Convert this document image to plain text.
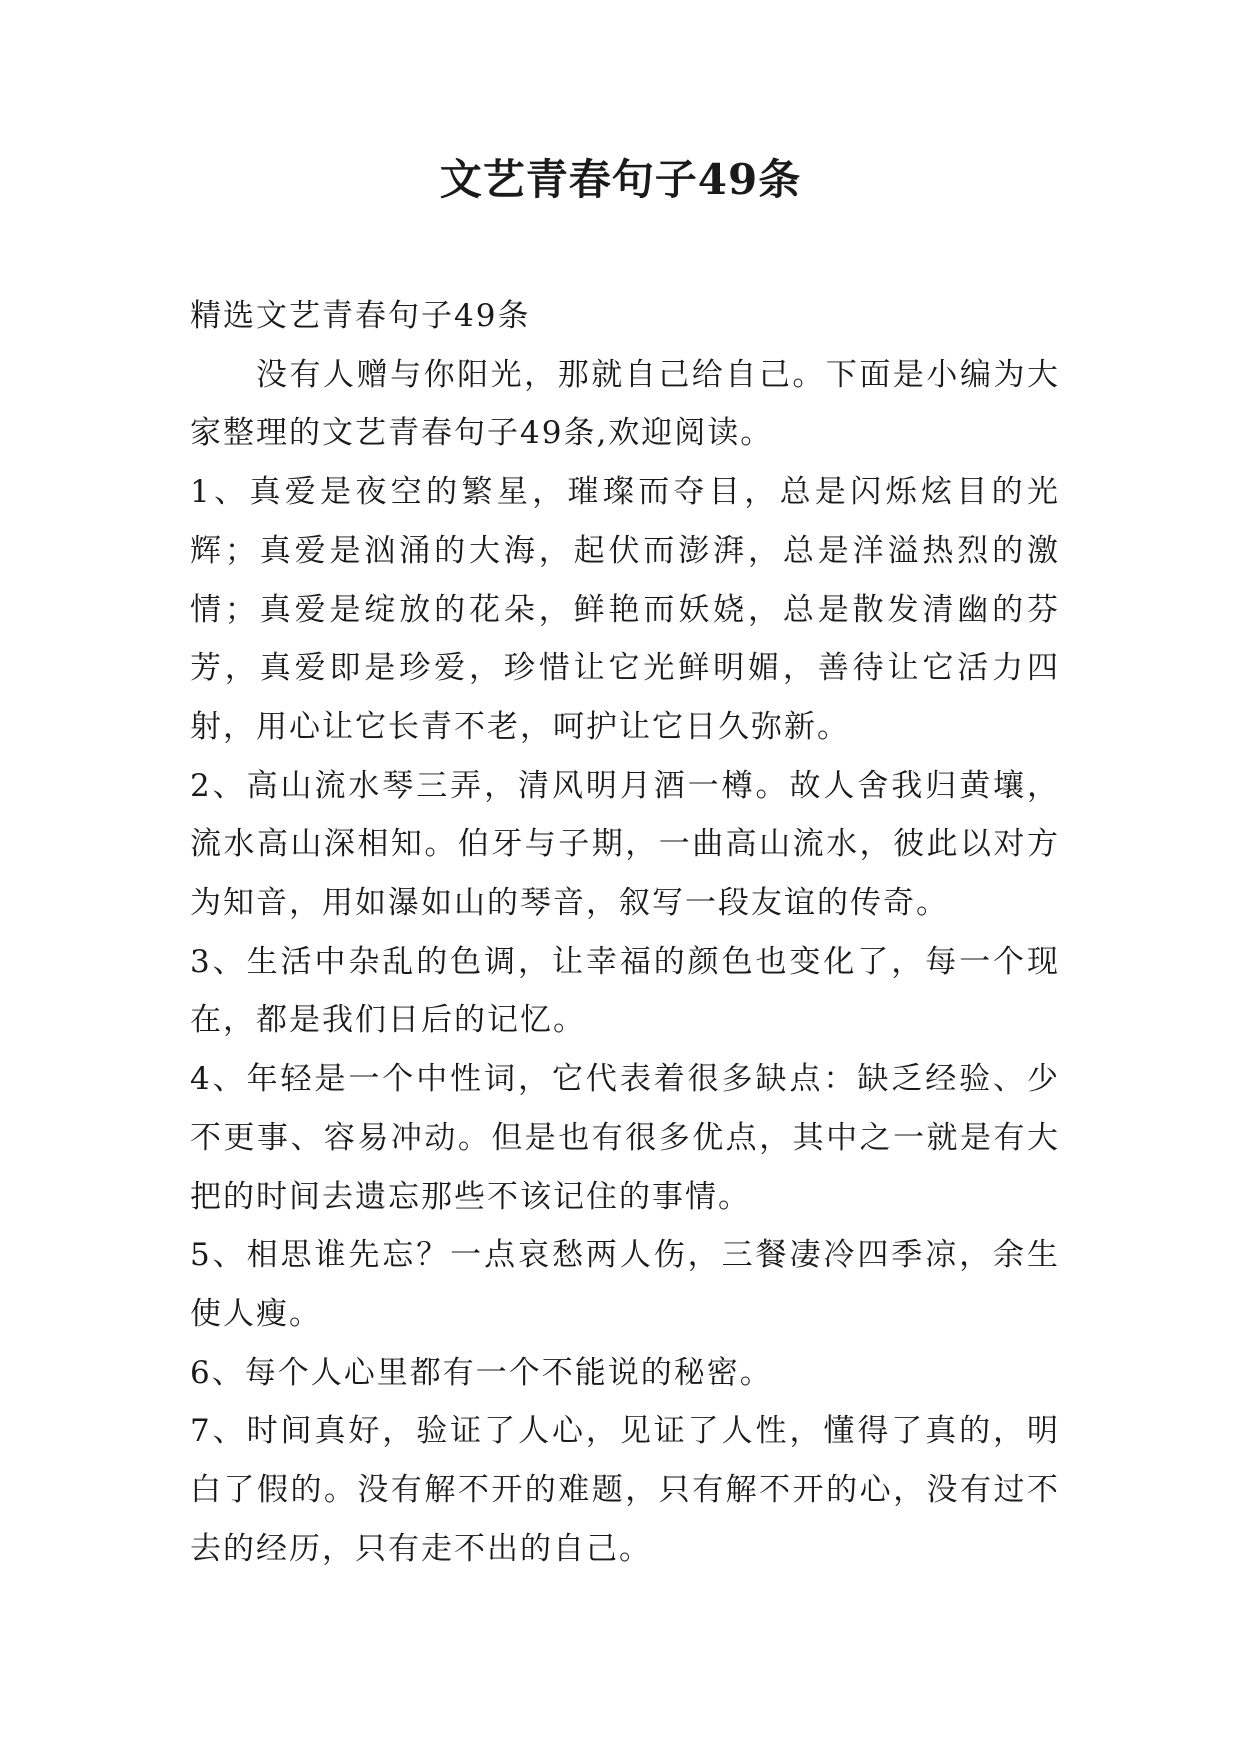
文艺青春句子49条

精选文艺青春句子49条

没有人赠与你阳光，那就自己给自己。下面是小编为大家整理的文艺青春句子49条,欢迎阅读。

1、真爱是夜空的繁星，璀璨而夺目，总是闪烁炫目的光辉；真爱是汹涌的大海，起伏而澎湃，总是洋溢热烈的激情；真爱是绽放的花朵，鲜艳而妖娆，总是散发清幽的芬芳，真爱即是珍爱，珍惜让它光鲜明媚，善待让它活力四射，用心让它长青不老，呵护让它日久弥新。

2、高山流水琴三弄，清风明月酒一樽。故人舍我归黄壤，流水高山深相知。伯牙与子期，一曲高山流水，彼此以对方为知音，用如瀑如山的琴音，叙写一段友谊的传奇。

3、生活中杂乱的色调，让幸福的颜色也变化了，每一个现在，都是我们日后的记忆。

4、年轻是一个中性词，它代表着很多缺点：缺乏经验、少不更事、容易冲动。但是也有很多优点，其中之一就是有大把的时间去遗忘那些不该记住的事情。

5、相思谁先忘？一点哀愁两人伤，三餐凄冷四季凉，余生使人瘦。

6、每个人心里都有一个不能说的秘密。

7、时间真好，验证了人心，见证了人性，懂得了真的，明白了假的。没有解不开的难题，只有解不开的心，没有过不去的经历，只有走不出的自己。
